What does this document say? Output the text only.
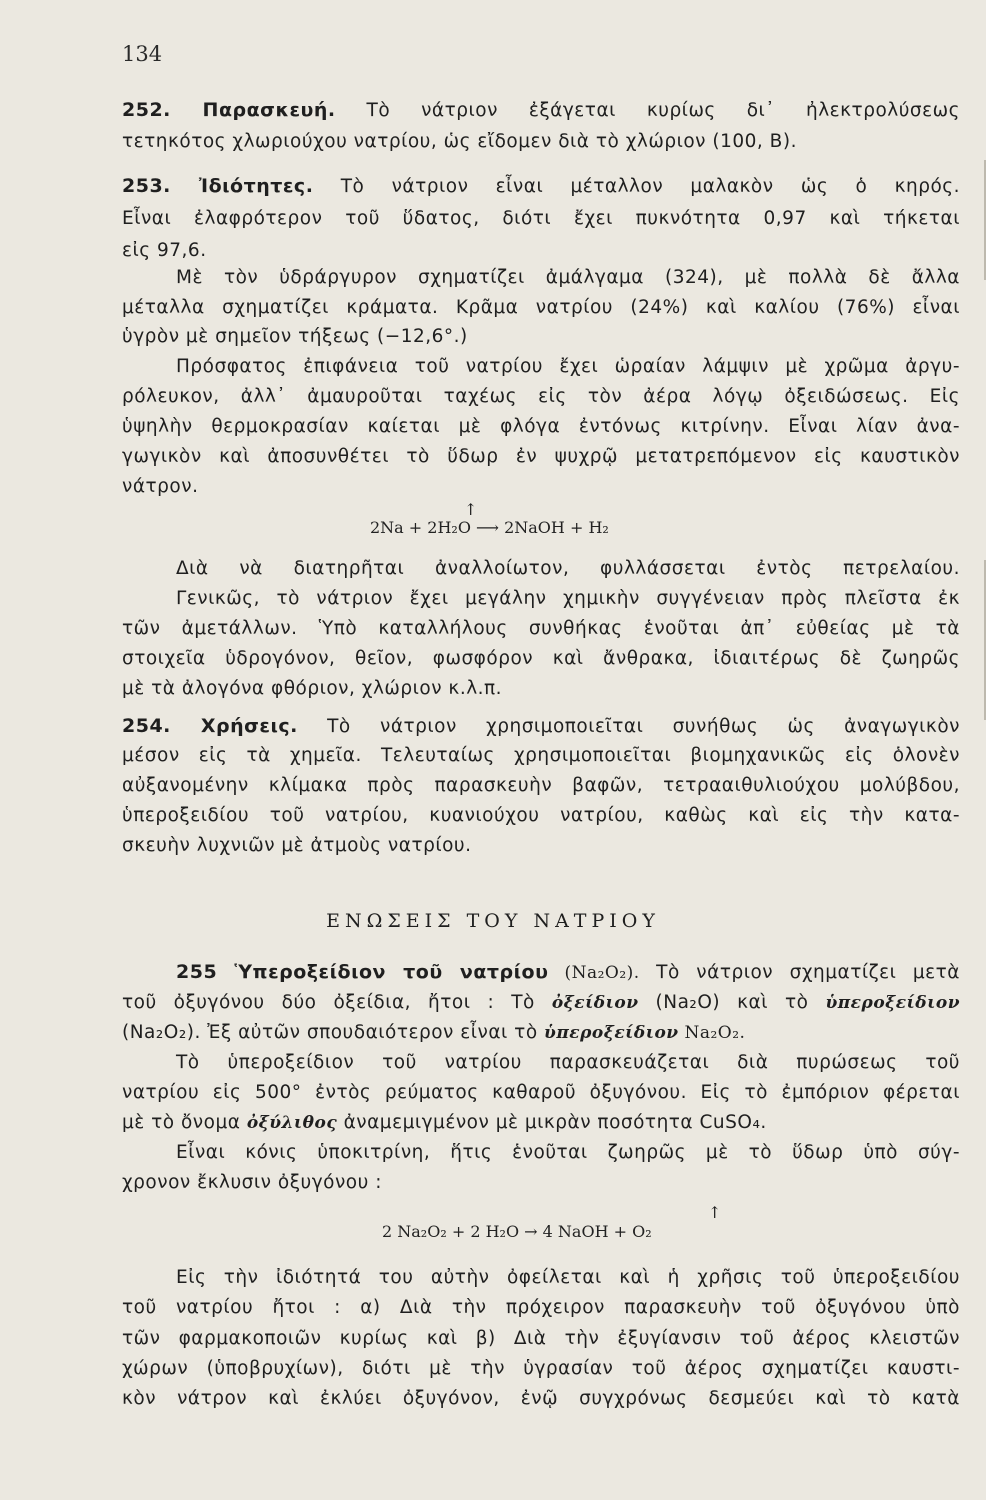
134
252. Παρασκευή. Τὸ νάτριον ἐξάγεται κυρίως δι᾽ ἠλεκτρολύσεως
τετηκότος χλωριούχου νατρίου, ὡς εἴδομεν διὰ τὸ χλώριον (100, Β).
253. Ἰδιότητες. Τὸ νάτριον εἶναι μέταλλον μαλακὸν ὡς ὁ κηρός.
Εἶναι ἐλαφρότερον τοῦ ὕδατος, διότι ἔχει πυκνότητα 0,97 καὶ τήκεται
εἰς 97,6.
Μὲ τὸν ὑδράργυρον σχηματίζει ἀμάλγαμα (324), μὲ πολλὰ δὲ ἄλλα
μέταλλα σχηματίζει κράματα. Κρᾶμα νατρίου (24%) καὶ καλίου (76%) εἶναι
ὑγρὸν μὲ σημεῖον τήξεως (−12,6°.)
Πρόσφατος ἐπιφάνεια τοῦ νατρίου ἔχει ὡραίαν λάμψιν μὲ χρῶμα ἀργυ-
ρόλευκον, ἀλλ᾽ ἀμαυροῦται ταχέως εἰς τὸν ἀέρα λόγῳ ὀξειδώσεως. Εἰς
ὑψηλὴν θερμοκρασίαν καίεται μὲ φλόγα ἐντόνως κιτρίνην. Εἶναι λίαν ἀνα-
γωγικὸν καὶ ἀποσυνθέτει τὸ ὕδωρ ἐν ψυχρῷ μετατρεπόμενον εἰς καυστικὸν
νάτρον.
Διὰ νὰ διατηρῆται ἀναλλοίωτον, φυλλάσσεται ἐντὸς πετρελαίου.
Γενικῶς, τὸ νάτριον ἔχει μεγάλην χημικὴν συγγένειαν πρὸς πλεῖστα ἐκ
τῶν ἀμετάλλων. Ὑπὸ καταλλήλους συνθήκας ἑνοῦται ἀπ᾽ εὐθείας μὲ τὰ
στοιχεῖα ὑδρογόνον, θεῖον, φωσφόρον καὶ ἄνθρακα, ἰδιαιτέρως δὲ ζωηρῶς
μὲ τὰ ἀλογόνα φθόριον, χλώριον κ.λ.π.
↑
2Na + 2H₂O ⟶ 2NaOH + H₂
254. Χρήσεις. Τὸ νάτριον χρησιμοποιεῖται συνήθως ὡς ἀναγωγικὸν
μέσον εἰς τὰ χημεῖα. Τελευταίως χρησιμοποιεῖται βιομηχανικῶς εἰς ὁλονὲν
αὐξανομένην κλίμακα πρὸς παρασκευὴν βαφῶν, τετρααιθυλιούχου μολύβδου,
ὑπεροξειδίου τοῦ νατρίου, κυανιούχου νατρίου, καθὼς καὶ εἰς τὴν κατα-
σκευὴν λυχνιῶν μὲ ἀτμοὺς νατρίου.
ΕΝΩΣΕΙΣ ΤΟΥ ΝΑΤΡΙΟΥ
255 Ὑπεροξείδιον τοῦ νατρίου (Na₂O₂). Τὸ νάτριον σχηματίζει μετὰ
τοῦ ὀξυγόνου δύο ὀξείδια, ἤτοι : Τὸ ὀξείδιον (Na₂O) καὶ τὸ ὑπεροξείδιον
(Na₂O₂). Ἐξ αὐτῶν σπουδαιότερον εἶναι τὸ ὑπεροξείδιον Na₂O₂.
Τὸ ὑπεροξείδιον τοῦ νατρίου παρασκευάζεται διὰ πυρώσεως τοῦ
νατρίου εἰς 500° ἐντὸς ρεύματος καθαροῦ ὀξυγόνου. Εἰς τὸ ἐμπόριον φέρεται
μὲ τὸ ὄνομα ὀξύλιθος ἀναμεμιγμένον μὲ μικρὰν ποσότητα CuSO₄.
Εἶναι κόνις ὑποκιτρίνη, ἥτις ἑνοῦται ζωηρῶς μὲ τὸ ὕδωρ ὑπὸ σύγ-
χρονον ἔκλυσιν ὀξυγόνου :
Εἰς τὴν ἰδιότητά του αὐτὴν ὀφείλεται καὶ ἡ χρῆσις τοῦ ὑπεροξειδίου
τοῦ νατρίου ἤτοι : α) Διὰ τὴν πρόχειρον παρασκευὴν τοῦ ὀξυγόνου ὑπὸ
τῶν φαρμακοποιῶν κυρίως καὶ β) Διὰ τὴν ἐξυγίανσιν τοῦ ἀέρος κλειστῶν
χώρων (ὑποβρυχίων), διότι μὲ τὴν ὑγρασίαν τοῦ ἀέρος σχηματίζει καυστι-
κὸν νάτρον καὶ ἐκλύει ὀξυγόνον, ἐνῷ συγχρόνως δεσμεύει καὶ τὸ κατὰ
↑
2 Na₂O₂ + 2 H₂O → 4 NaOH + O₂
